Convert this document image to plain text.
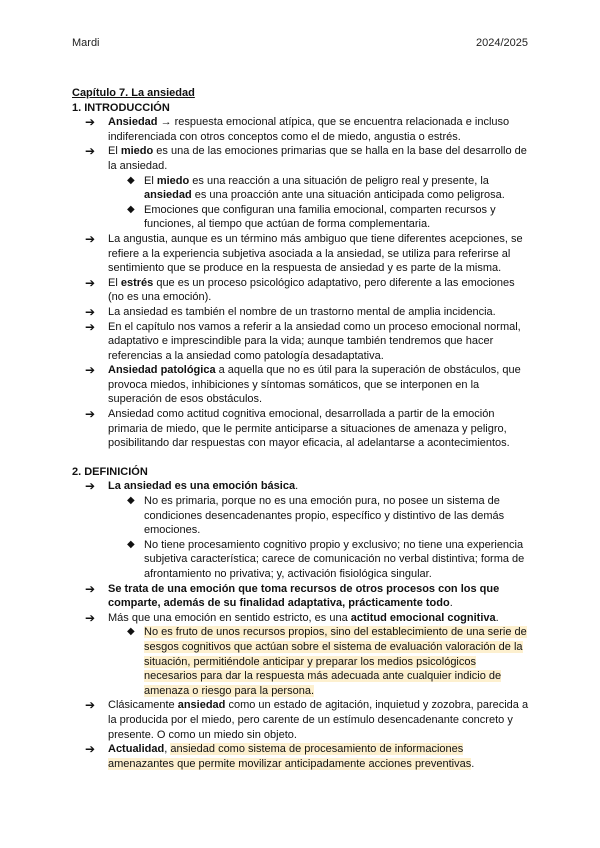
Mardi	2024/2025
Capítulo 7. La ansiedad
1. INTRODUCCIÓN
➔ Ansiedad → respuesta emocional atípica, que se encuentra relacionada e incluso indiferenciada con otros conceptos como el de miedo, angustia o estrés.
➔ El miedo es una de las emociones primarias que se halla en la base del desarrollo de la ansiedad.
◆ El miedo es una reacción a una situación de peligro real y presente, la ansiedad es una proacción ante una situación anticipada como peligrosa.
◆ Emociones que configuran una familia emocional, comparten recursos y funciones, al tiempo que actúan de forma complementaria.
➔ La angustia, aunque es un término más ambiguo que tiene diferentes acepciones, se refiere a la experiencia subjetiva asociada a la ansiedad, se utiliza para referirse al sentimiento que se produce en la respuesta de ansiedad y es parte de la misma.
➔ El estrés que es un proceso psicológico adaptativo, pero diferente a las emociones (no es una emoción).
➔ La ansiedad es también el nombre de un trastorno mental de amplia incidencia.
➔ En el capítulo nos vamos a referir a la ansiedad como un proceso emocional normal, adaptativo e imprescindible para la vida; aunque también tendremos que hacer referencias a la ansiedad como patología desadaptativa.
➔ Ansiedad patológica a aquella que no es útil para la superación de obstáculos, que provoca miedos, inhibiciones y síntomas somáticos, que se interponen en la superación de esos obstáculos.
➔ Ansiedad como actitud cognitiva emocional, desarrollada a partir de la emoción primaria de miedo, que le permite anticiparse a situaciones de amenaza y peligro, posibilitando dar respuestas con mayor eficacia, al adelantarse a acontecimientos.
2. DEFINICIÓN
➔ La ansiedad es una emoción básica.
◆ No es primaria, porque no es una emoción pura, no posee un sistema de condiciones desencadenantes propio, específico y distintivo de las demás emociones.
◆ No tiene procesamiento cognitivo propio y exclusivo; no tiene una experiencia subjetiva característica; carece de comunicación no verbal distintiva; forma de afrontamiento no privativa; y, activación fisiológica singular.
➔ Se trata de una emoción que toma recursos de otros procesos con los que comparte, además de su finalidad adaptativa, prácticamente todo.
➔ Más que una emoción en sentido estricto, es una actitud emocional cognitiva.
◆ No es fruto de unos recursos propios, sino del establecimiento de una serie de sesgos cognitivos que actúan sobre el sistema de evaluación valoración de la situación, permitiéndole anticipar y preparar los medios psicológicos necesarios para dar la respuesta más adecuada ante cualquier indicio de amenaza o riesgo para la persona.
➔ Clásicamente ansiedad como un estado de agitación, inquietud y zozobra, parecida a la producida por el miedo, pero carente de un estímulo desencadenante concreto y presente. O como un miedo sin objeto.
➔ Actualidad, ansiedad como sistema de procesamiento de informaciones amenazantes que permite movilizar anticipadamente acciones preventivas.
